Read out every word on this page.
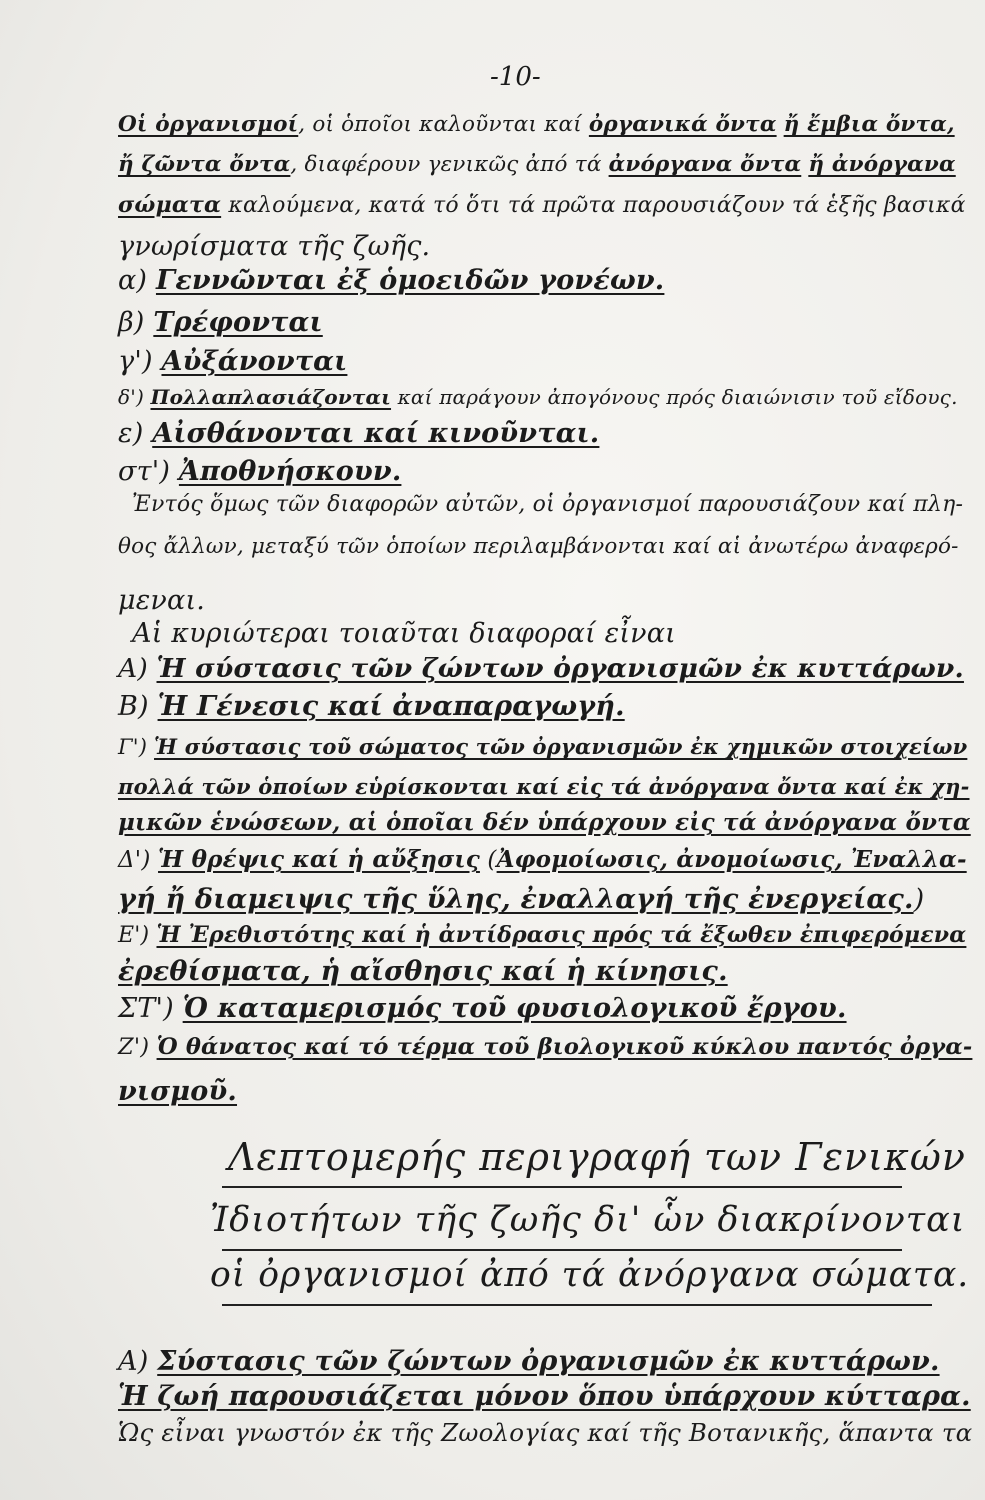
-10-
Οἱ ὀργανισμοί, οἱ ὁποῖοι καλοῦνται καί ὀργανικά ὄντα ἤ ἔμβια ὄντα,
ἤ ζῶντα ὄντα, διαφέρουν γενικῶς ἀπό τά ἀνόργανα ὄντα ἤ ἀνόργανα
σώματα καλούμενα, κατά τό ὅτι τά πρῶτα παρουσιάζουν τά ἑξῆς βασικά
γνωρίσματα τῆς ζωῆς.
α) Γεννῶνται ἐξ ὁμοειδῶν γονέων.
β) Τρέφονται
γ') Αὐξάνονται
δ') Πολλαπλασιάζονται καί παράγουν ἀπογόνους πρός διαιώνισιν τοῦ εἴδους.
ε) Αἰσθάνονται καί κινοῦνται.
στ') Ἀποθνήσκουν.
Ἐντός ὅμως τῶν διαφορῶν αὐτῶν, οἱ ὀργανισμοί παρουσιάζουν καί πλη-
θος ἄλλων, μεταξύ τῶν ὁποίων περιλαμβάνονται καί αἱ ἀνωτέρω ἀναφερό-
μεναι.
Αἱ κυριώτεραι τοιαῦται διαφοραί εἶναι
Α) Ἡ σύστασις τῶν ζώντων ὀργανισμῶν ἐκ κυττάρων.
Β) Ἡ Γένεσις καί ἀναπαραγωγή.
Γ') Ἡ σύστασις τοῦ σώματος τῶν ὀργανισμῶν ἐκ χημικῶν στοιχείων
πολλά τῶν ὁποίων εὑρίσκονται καί εἰς τά ἀνόργανα ὄντα καί ἐκ χη-
μικῶν ἑνώσεων, αἱ ὁποῖαι δέν ὑπάρχουν εἰς τά ἀνόργανα ὄντα
Δ') Ἡ θρέψις καί ἡ αὔξησις (Ἀφομοίωσις, ἀνομοίωσις, Ἐναλλα-
γή ἤ διαμειψις τῆς ὕλης, ἐναλλαγή τῆς ἐνεργείας.)
Ε') Ἡ Ἐρεθιστότης καί ἡ ἀντίδρασις πρός τά ἔξωθεν ἐπιφερόμενα
ἐρεθίσματα, ἡ αἴσθησις καί ἡ κίνησις.
ΣΤ') Ὁ καταμερισμός τοῦ φυσιολογικοῦ ἔργου.
Ζ') Ὁ θάνατος καί τό τέρμα τοῦ βιολογικοῦ κύκλου παντός ὀργα-
νισμοῦ.
Λεπτομερής περιγραφή των Γενικών
Ἰδιοτήτων τῆς ζωῆς δι' ὧν διακρίνονται
οἱ ὀργανισμοί ἀπό τά ἀνόργανα σώματα.
Α) Σύστασις τῶν ζώντων ὀργανισμῶν ἐκ κυττάρων.
Ἡ ζωή παρουσιάζεται μόνον ὅπου ὑπάρχουν κύτταρα.
Ὡς εἶναι γνωστόν ἐκ τῆς Ζωολογίας καί τῆς Βοτανικῆς, ἅπαντα τα
